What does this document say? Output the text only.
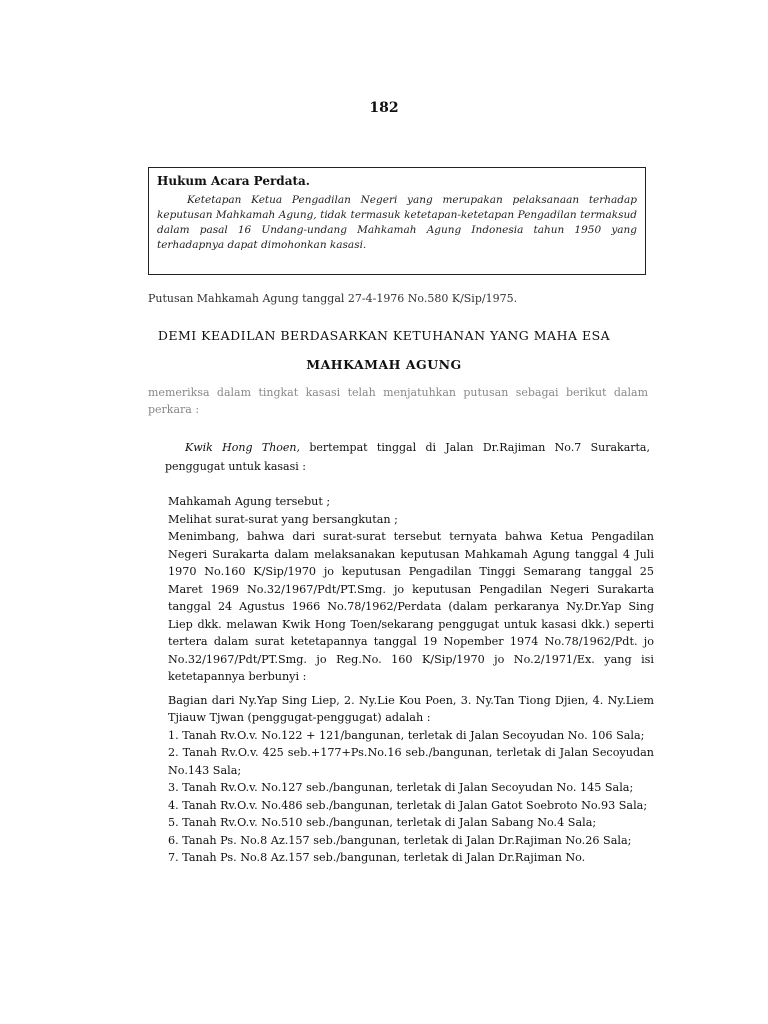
182
Hukum Acara Perdata.
Ketetapan Ketua Pengadilan Negeri yang merupakan pelaksanaan terhadap keputusan Mahkamah Agung, tidak termasuk ketetapan-ketetapan Pengadilan termaksud dalam pasal 16 Undang-undang Mahkamah Agung Indonesia tahun 1950 yang terhadapnya dapat dimohonkan kasasi.
Putusan Mahkamah Agung tanggal 27-4-1976 No.580 K/Sip/1975.
DEMI KEADILAN BERDASARKAN KETUHANAN YANG MAHA ESA
MAHKAMAH AGUNG
memeriksa dalam tingkat kasasi telah menjatuhkan putusan sebagai berikut dalam perkara :
Kwik Hong Thoen, bertempat tinggal di Jalan Dr.Rajiman No.7 Surakarta, penggugat untuk kasasi :

Mahkamah Agung tersebut ;

Melihat surat-surat yang bersangkutan ;

Menimbang, bahwa dari surat-surat tersebut ternyata bahwa Ketua Pengadilan Negeri Surakarta dalam melaksanakan keputusan Mahkamah Agung tanggal 4 Juli 1970 No.160 K/Sip/1970 jo keputusan Pengadilan Tinggi Semarang tanggal 25 Maret 1969 No.32/1967/Pdt/PT.Smg. jo keputusan Pengadilan Negeri Surakarta tanggal 24 Agustus 1966 No.78/1962/Perdata (dalam perkaranya Ny.Dr.Yap Sing Liep dkk. melawan Kwik Hong Toen/sekarang penggugat untuk kasasi dkk.) seperti tertera dalam surat ketetapannya tanggal 19 Nopember 1974 No.78/1962/Pdt. jo No.32/1967/Pdt/PT.Smg. jo Reg.No. 160 K/Sip/1970 jo No.2/1971/Ex. yang isi ketetapannya berbunyi :

Bagian dari Ny.Yap Sing Liep, 2. Ny.Lie Kou Poen, 3. Ny.Tan Tiong Djien, 4. Ny.Liem Tjiauw Tjwan (penggugat-penggugat) adalah :

1. Tanah Rv.O.v. No.122 + 121/bangunan, terletak di Jalan Secoyudan No. 106 Sala;

2. Tanah Rv.O.v. 425 seb.+177+Ps.No.16 seb./bangunan, terletak di Jalan Secoyudan No.143 Sala;

3. Tanah Rv.O.v. No.127 seb./bangunan, terletak di Jalan Secoyudan No. 145 Sala;

4. Tanah Rv.O.v. No.486 seb./bangunan, terletak di Jalan Gatot Soebroto No.93 Sala;

5. Tanah Rv.O.v. No.510 seb./bangunan, terletak di Jalan Sabang No.4 Sala;

6. Tanah Ps. No.8 Az.157 seb./bangunan, terletak di Jalan Dr.Rajiman No.26 Sala;

7. Tanah Ps. No.8 Az.157 seb./bangunan, terletak di Jalan Dr.Rajiman No.
